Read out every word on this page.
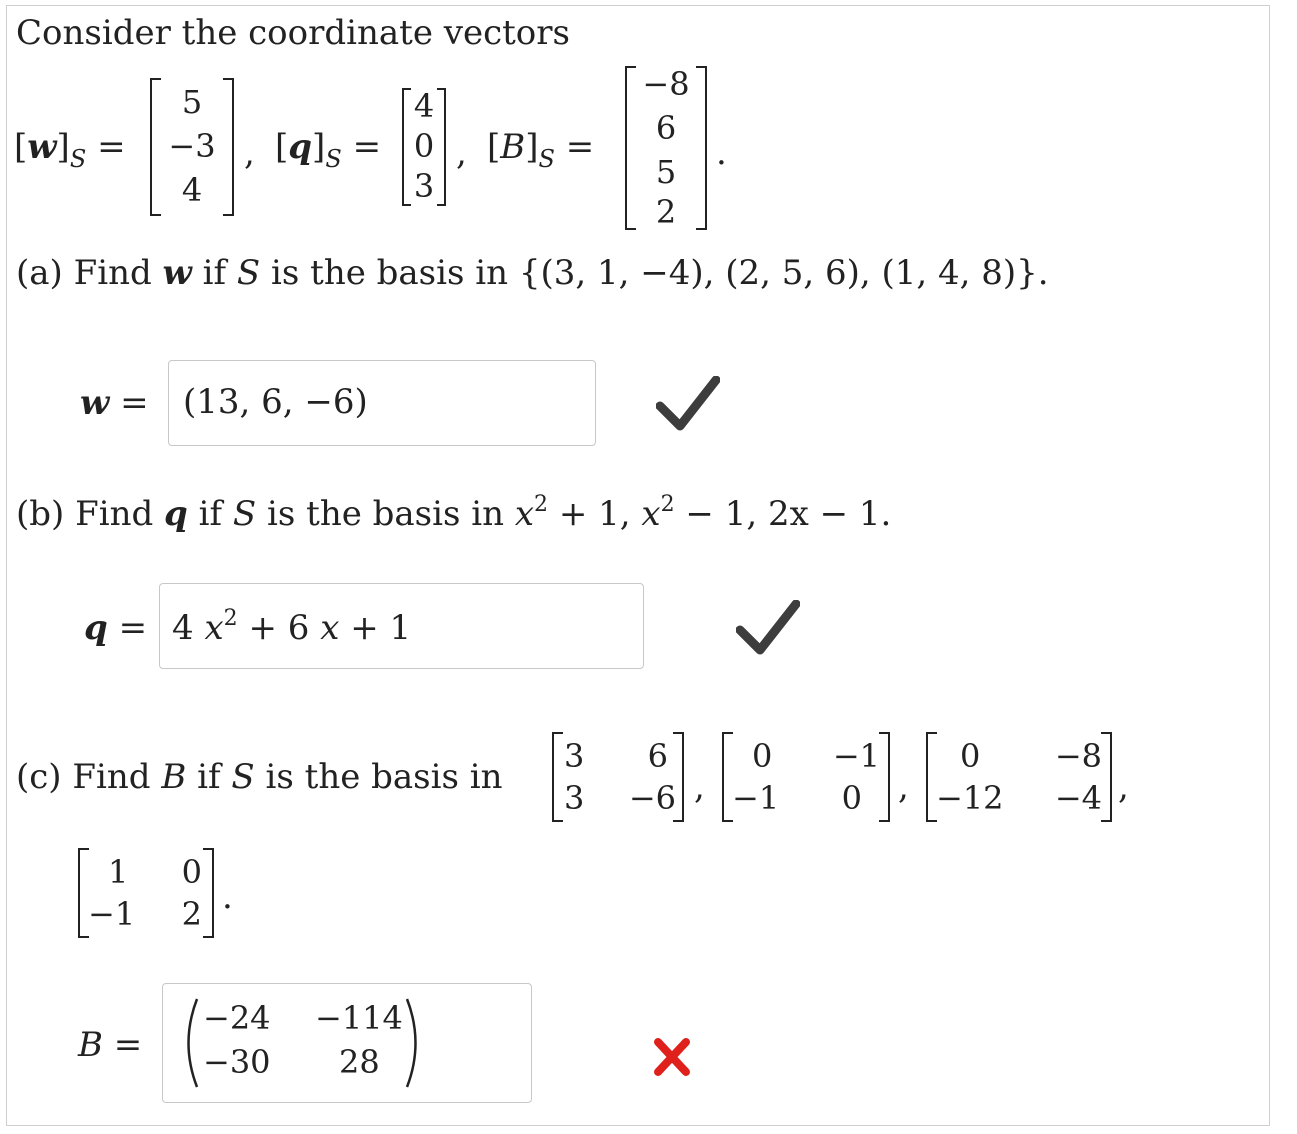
Consider the coordinate vectors
$[w]_S$ =
5
−3
4
, $[q]_S$ =
4
0
3
, $[B]_S$ =
−8
6
5
2
.
(a) Find w if S is the basis in {(3, 1, −4), (2, 5, 6), (1, 4, 8)}.
w = (13, 6, −6)
(b) Find q if S is the basis in $x^2 + 1$, $x^2 - 1$, 2x − 1.
q = 4 $x^2 + 6$ x + 1
(c) Find B if S is the basis in
3 6
3 −6 ,
0 −1
−1 0 ,
0 −8
−12 −4 ,
1 0
−1 2 .
B =
−24 −114
−30 28
